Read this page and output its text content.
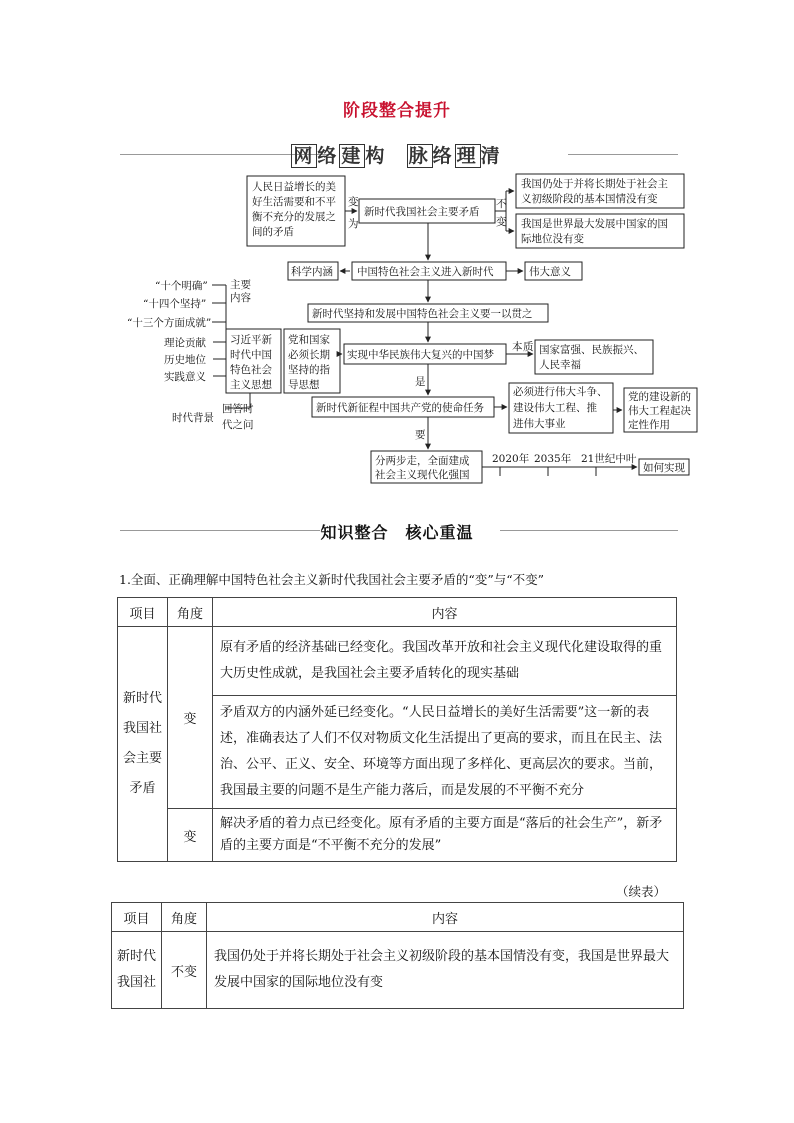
阶段整合提升
网 络 建 构 脉 络 理 清
人民日益增长的美
好生活需要和不平
衡不充分的发展之
间的矛盾
变
为
新时代我国社会主要矛盾
不
变
我国仍处于并将长期处于社会主
义初级阶段的基本国情没有变
我国是世界最大发展中国家的国
际地位没有变
科学内涵 中国特色社会主义进入新时代	伟大意义
新时代坚持和发展中国特色社会主义要一以贯之
“十个明确”
“十四个坚持”
“十三个方面成就”
主要
内容
理论贡献
历史地位
实践意义
习近平新
时代中国
特色社会
主义思想
党和国家
必须长期
坚持的指
导思想
实现中华民族伟大复兴的中国梦
本 质 国家富强、民族振兴、
人民幸福
是
时代背景
回答时
代之问
新时代新征程中国共产党的使命任务
必须进行伟大斗争、
建设伟大工程、推
进伟大事业
党的建设新的
伟大工程起决
定性作用
要
分两步走，全面建成
社会主义现代化强国
2020年 2035年 21世纪中叶
如何实现
知识整合　核心重温
1.全面、正确理解中国特色社会主义新时代我国社会主要矛盾的“变”与“不变”
项目	角度	内容

新时代
我国社
会主要
矛盾	变	原有矛盾的经济基础已经变化。我国改革开放和社会主义现代化建设取得的重大历史性成就，是我国社会主要矛盾转化的现实基础
		矛盾双方的内涵外延已经变化。“人民日益增长的美好生活需要”这一新的表述，准确表达了人们不仅对物质文化生活提出了更高的要求，而且在民主、法治、公平、正义、安全、环境等方面出现了多样化、更高层次的要求。当前，我国最主要的问题不是生产能力落后，而是发展的不平衡不充分
	变	解决矛盾的着力点已经变化。原有矛盾的主要方面是“落后的社会生产”，新矛盾的主要方面是“不平衡不充分的发展”
（续表）
项目	角度	内容

新时代
我国社	不变	我国仍处于并将长期处于社会主义初级阶段的基本国情没有变，我国是世界最大发展中国家的国际地位没有变
